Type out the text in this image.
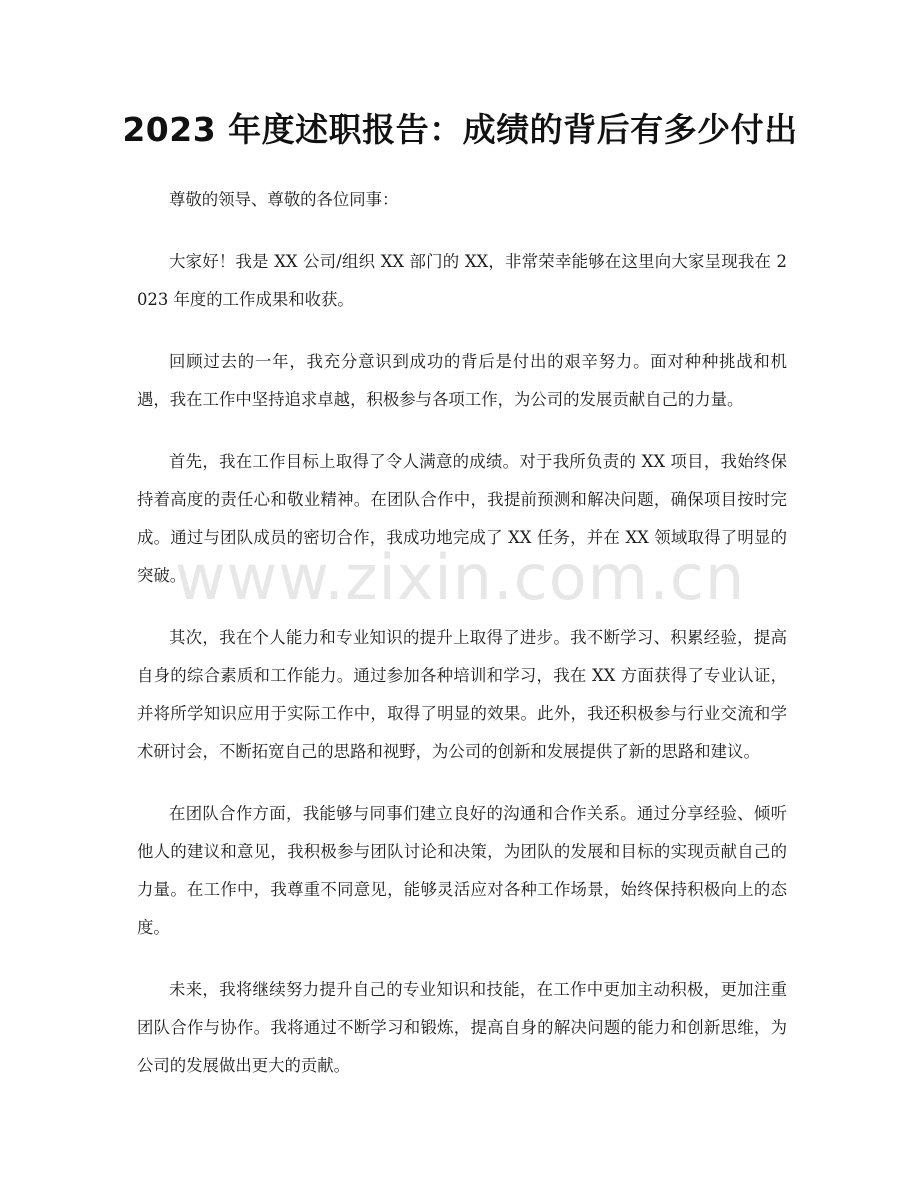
2023 年度述职报告：成绩的背后有多少付出

尊敬的领导、尊敬的各位同事：

大家好！我是 XX 公司/组织 XX 部门的 XX，非常荣幸能够在这里向大家呈现我在 2023 年度的工作成果和收获。

回顾过去的一年，我充分意识到成功的背后是付出的艰辛努力。面对种种挑战和机遇，我在工作中坚持追求卓越，积极参与各项工作，为公司的发展贡献自己的力量。

首先，我在工作目标上取得了令人满意的成绩。对于我所负责的 XX 项目，我始终保持着高度的责任心和敬业精神。在团队合作中，我提前预测和解决问题，确保项目按时完成。通过与团队成员的密切合作，我成功地完成了 XX 任务，并在 XX 领域取得了明显的突破。

其次，我在个人能力和专业知识的提升上取得了进步。我不断学习、积累经验，提高自身的综合素质和工作能力。通过参加各种培训和学习，我在 XX 方面获得了专业认证，并将所学知识应用于实际工作中，取得了明显的效果。此外，我还积极参与行业交流和学术研讨会，不断拓宽自己的思路和视野，为公司的创新和发展提供了新的思路和建议。

在团队合作方面，我能够与同事们建立良好的沟通和合作关系。通过分享经验、倾听他人的建议和意见，我积极参与团队讨论和决策，为团队的发展和目标的实现贡献自己的力量。在工作中，我尊重不同意见，能够灵活应对各种工作场景，始终保持积极向上的态度。

未来，我将继续努力提升自己的专业知识和技能，在工作中更加主动积极，更加注重团队合作与协作。我将通过不断学习和锻炼，提高自身的解决问题的能力和创新思维，为公司的发展做出更大的贡献。

www.zixin.com.cn
